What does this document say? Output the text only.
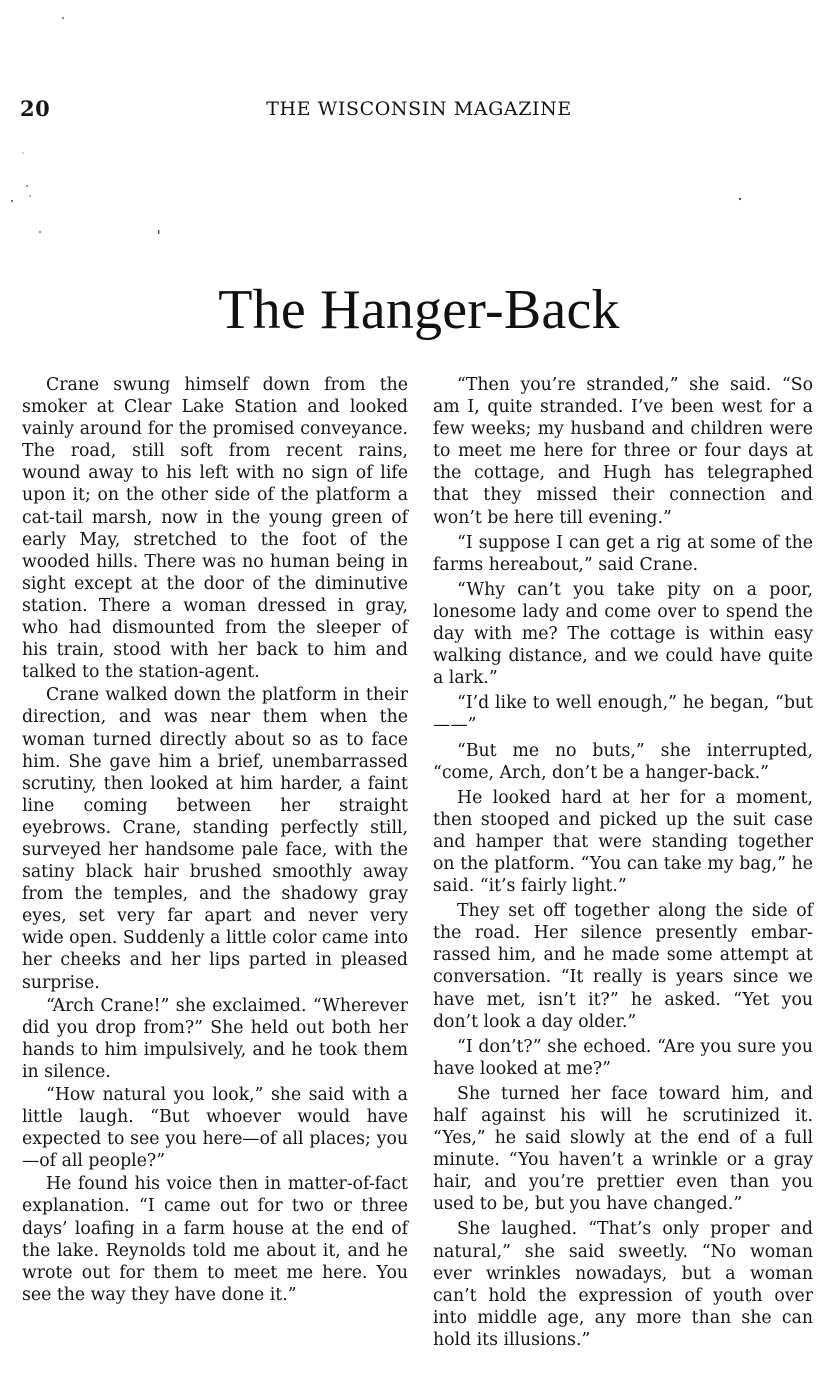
20	THE WISCONSIN MAGAZINE
The Hanger-Back

Crane swung himself down from the smoker at Clear Lake Station and looked vainly around for the promised conveyance. The road, still soft from recent rains, wound away to his left with no sign of life upon it; on the other side of the platform a cat-tail marsh, now in the young green of early May, stretched to the foot of the wooded hills. There was no human being in sight except at the door of the diminutive station. There a woman dressed in gray, who had dismounted from the sleeper of his train, stood with her back to him and talked to the station-agent.

Crane walked down the platform in their direction, and was near them when the woman turned directly about so as to face him. She gave him a brief, unembarrassed scrutiny, then looked at him harder, a faint line coming between her straight eyebrows. Crane, standing perfectly still, surveyed her handsome pale face, with the satiny black hair brushed smoothly away from the temples, and the shadowy gray eyes, set very far apart and never very wide open. Suddenly a little color came into her cheeks and her lips parted in pleased surprise.

“Arch Crane!” she exclaimed. “Wherever did you drop from?” She held out both her hands to him impulsively, and he took them in silence.

“How natural you look,” she said with a little laugh. “But whoever would have expected to see you here—of all places; you—of all people?”

He found his voice then in matter-of-fact explanation. “I came out for two or three days’ loafing in a farm house at the end of the lake. Reynolds told me about it, and he wrote out for them to meet me here. You see the way they have done it.”

“Then you’re stranded,” she said. “So am I, quite stranded. I’ve been west for a few weeks; my husband and children were to meet me here for three or four days at the cottage, and Hugh has telegraphed that they missed their connection and won’t be here till evening.”

“I suppose I can get a rig at some of the farms hereabout,” said Crane.

“Why can’t you take pity on a poor, lonesome lady and come over to spend the day with me? The cottage is within easy walking distance, and we could have quite a lark.”

“I’d like to well enough,” he began, “but——”

“But me no buts,” she interrupted, “come, Arch, don’t be a hanger-back.”

He looked hard at her for a moment, then stooped and picked up the suit case and hamper that were standing together on the platform. “You can take my bag,” he said. “it’s fairly light.”

They set off together along the side of the road. Her silence presently embarrassed him, and he made some attempt at conversation. “It really is years since we have met, isn’t it?” he asked. “Yet you don’t look a day older.”

“I don’t?” she echoed. “Are you sure you have looked at me?”

She turned her face toward him, and half against his will he scrutinized it. “Yes,” he said slowly at the end of a full minute. “You haven’t a wrinkle or a gray hair, and you’re prettier even than you used to be, but you have changed.”

She laughed. “That’s only proper and natural,” she said sweetly. “No woman ever wrinkles nowadays, but a woman can’t hold the expression of youth over into middle age, any more than she can hold its illusions.”
